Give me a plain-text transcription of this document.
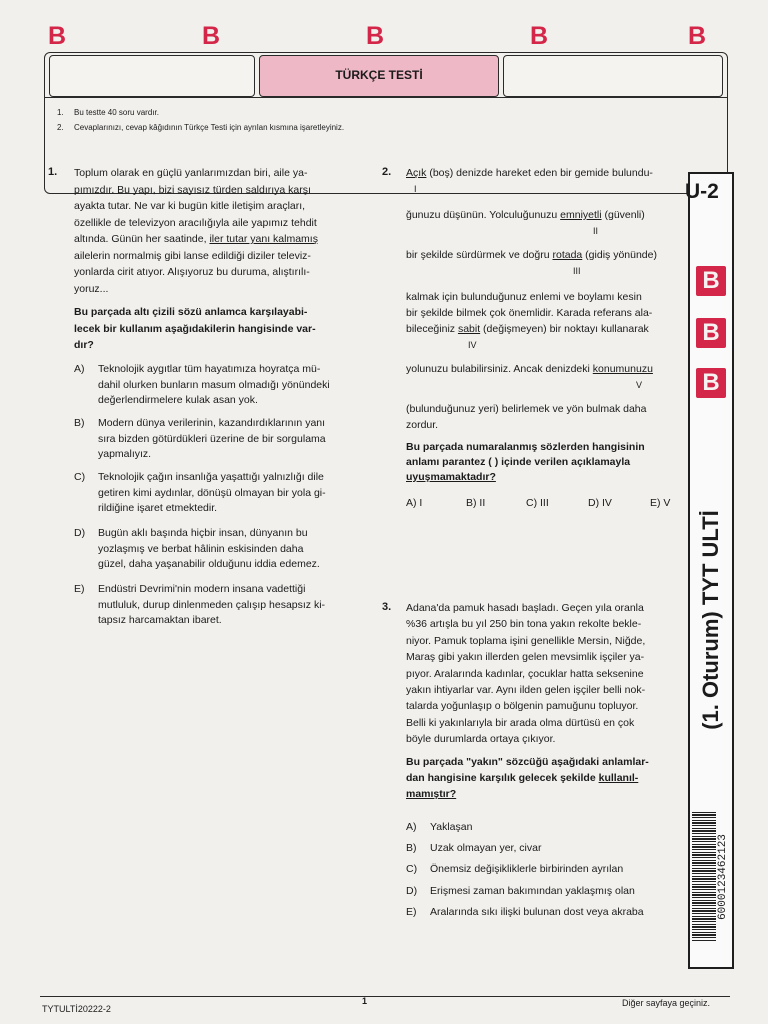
B	B	B	B	B
TÜRKÇE TESTİ
1. Bu testte 40 soru vardır.
2. Cevaplarınızı, cevap kâğıdının Türkçe Testi için ayrılan kısmına işaretleyiniz.
1. Toplum olarak en güçlü yanlarımızdan biri, aile ya-
pımızdır. Bu yapı, bizi sayısız türden saldırıya karşı
ayakta tutar. Ne var ki bugün kitle iletişim araçları,
özellikle de televizyon aracılığıyla aile yapımız tehdit
altında. Günün her saatinde, iler tutar yanı kalmamış
ailelerin normalmiş gibi lanse edildiği diziler televiz-
yonlarda cirit atıyor. Alışıyoruz bu duruma, alıştırılı-
yoruz...
Bu parçada altı çizili sözü anlamca karşılayabi-
lecek bir kullanım aşağıdakilerin hangisinde var-
dır?
A) Teknolojik aygıtlar tüm hayatımıza hoyratça mü-
dahil olurken bunların masum olmadığı yönündeki
değerlendirmelere kulak asan yok.
B) Modern dünya verilerinin, kazandırdıklarının yanı
sıra bizden götürdükleri üzerine de bir sorgulama
yapmalıyız.
C) Teknolojik çağın insanlığa yaşattığı yalnızlığı dile
getiren kimi aydınlar, dönüşü olmayan bir yola gi-
rildiğine işaret etmektedir.
D) Bugün aklı başında hiçbir insan, dünyanın bu
yozlaşmış ve berbat hâlinin eskisinden daha
güzel, daha yaşanabilir olduğunu iddia edemez.
E) Endüstri Devrimi'nin modern insana vadettiği
mutluluk, durup dinlenmeden çalışıp hesapsız ki-
tapsız harcamaktan ibaret.
2. Açık (boş) denizde hareket eden bir gemide bulundu-
I
ğunuzu düşünün. Yolculuğunuzu emniyetli (güvenli)
II
bir şekilde sürdürmek ve doğru rotada (gidiş yönünde)
III
kalmak için bulunduğunuz enlemi ve boylamı kesin
bir şekilde bilmek çok önemlidir. Karada referans ala-
bileceğiniz sabit (değişmeyen) bir noktayı kullanarak
IV
yolunuzu bulabilirsiniz. Ancak denizdeki konumunuzu
V
(bulunduğunuz yeri) belirlemek ve yön bulmak daha
zordur.
Bu parçada numaralanmış sözlerden hangisinin
anlamı parantez ( ) içinde verilen açıklamayla
uyuşmamaktadır?
A) I	B) II	C) III	D) IV	E) V
3. Adana'da pamuk hasadı başladı. Geçen yıla oranla
%36 artışla bu yıl 250 bin tona yakın rekolte bekle-
niyor. Pamuk toplama işini genellikle Mersin, Niğde,
Maraş gibi yakın illerden gelen mevsimlik işçiler ya-
pıyor. Aralarında kadınlar, çocuklar hatta seksenine
yakın ihtiyarlar var. Aynı ilden gelen işçiler belli nok-
talarda yoğunlaşıp o bölgenin pamuğunu topluyor.
Belli ki yakınlarıyla bir arada olma dürtüsü en çok
böyle durumlarda ortaya çıkıyor.
Bu parçada "yakın" sözcüğü aşağıdaki anlamlar-
dan hangisine karşılık gelecek şekilde kullanıl-
mamıştır?
A) Yaklaşan
B) Uzak olmayan yer, civar
C) Önemsiz değişikliklerle birbirinden ayrılan
D) Erişmesi zaman bakımından yaklaşmış olan
E) Aralarında sıkı ilişki bulunan dost veya akraba
U-2
B
B
B
(1. Oturum) TYT ULTİ
6000123462123
TYTULTİ20222-2
1	Diğer sayfaya geçiniz.
